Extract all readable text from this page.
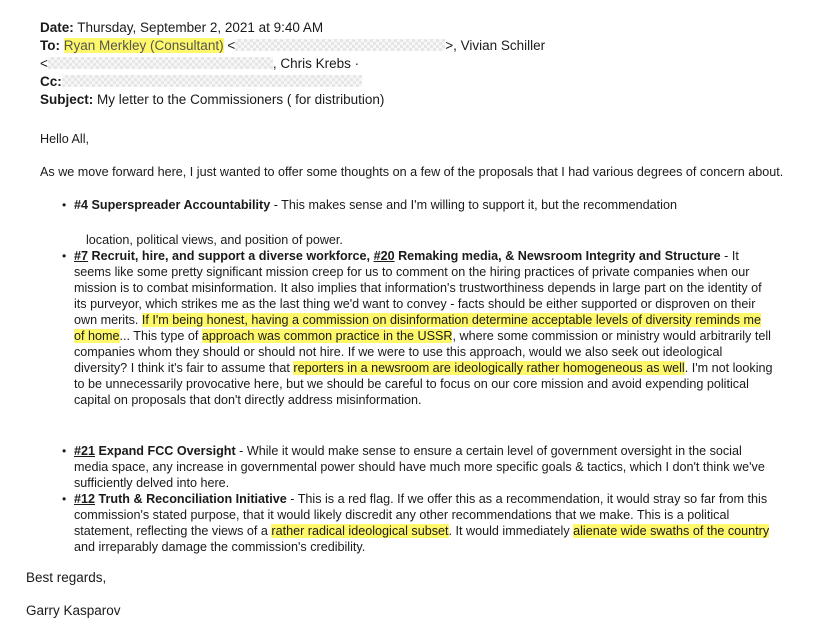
Date: Thursday, September 2, 2021 at 9:40 AM
To: Ryan Merkley (Consultant) <	>, Vivian Schiller
<	, Chris Krebs ·
Cc:
Subject: My letter to the Commissioners ( for distribution)
Hello All,
As we move forward here, I just wanted to offer some thoughts on a few of the proposals that I had various degrees of concern about.
• #4 Superspreader Accountability - This makes sense and I'm willing to support it, but the recommendation
location, political views, and position of power.
• #7 Recruit, hire, and support a diverse workforce, #20 Remaking media, & Newsroom Integrity and Structure - It seems like some pretty significant mission creep for us to comment on the hiring practices of private companies when our mission is to combat misinformation. It also implies that information's trustworthiness depends in large part on the identity of its purveyor, which strikes me as the last thing we'd want to convey - facts should be either supported or disproven on their own merits. If I'm being honest, having a commission on disinformation determine acceptable levels of diversity reminds me of home... This type of approach was common practice in the USSR, where some commission or ministry would arbitrarily tell companies whom they should or should not hire. If we were to use this approach, would we also seek out ideological diversity? I think it's fair to assume that reporters in a newsroom are ideologically rather homogeneous as well. I'm not looking to be unnecessarily provocative here, but we should be careful to focus on our core mission and avoid expending political capital on proposals that don't directly address misinformation.
• #21 Expand FCC Oversight - While it would make sense to ensure a certain level of government oversight in the social media space, any increase in governmental power should have much more specific goals & tactics, which I don't think we've sufficiently delved into here.
• #12 Truth & Reconciliation Initiative - This is a red flag. If we offer this as a recommendation, it would stray so far from this commission's stated purpose, that it would likely discredit any other recommendations that we make. This is a political statement, reflecting the views of a rather radical ideological subset. It would immediately alienate wide swaths of the country and irreparably damage the commission's credibility.
Best regards,
Garry Kasparov
